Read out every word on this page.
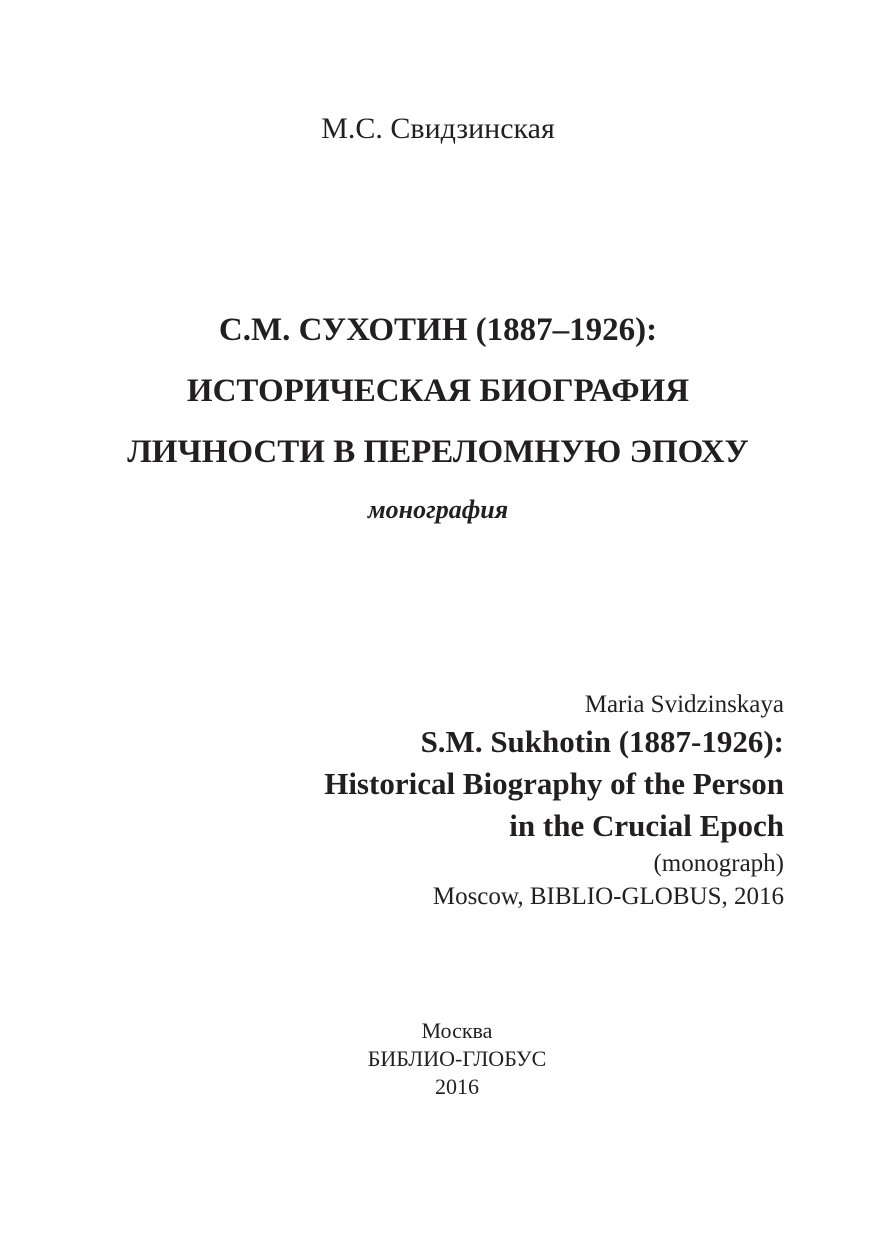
М.С. Свидзинская
С.М. СУХОТИН (1887–1926):
ИСТОРИЧЕСКАЯ БИОГРАФИЯ
ЛИЧНОСТИ В ПЕРЕЛОМНУЮ ЭПОХУ
монография
Maria Svidzinskaya
S.M. Sukhotin (1887-1926):
Historical Biography of the Person
in the Crucial Epoch
(monograph)
Moscow, BIBLIO-GLOBUS, 2016
Москва
БИБЛИО-ГЛОБУС
2016
